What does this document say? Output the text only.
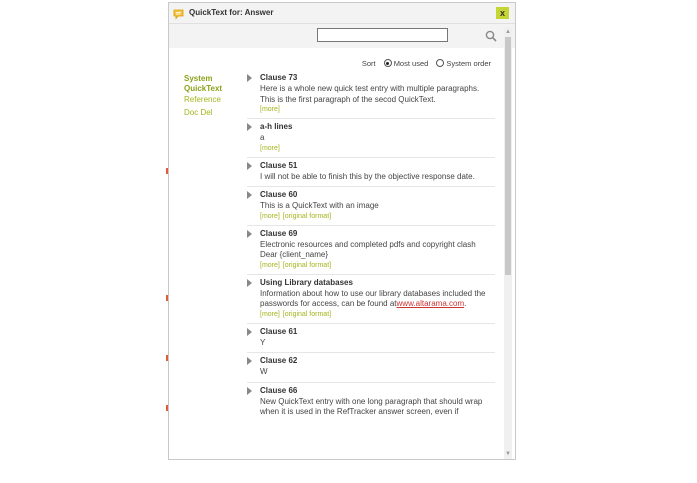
QuickText for: Answer	x
Sort Most used System order
System
QuickText
Reference
Doc Del
Clause 73
Here is a whole new quick test entry with multiple paragraphs. This is the first paragraph of the secod QuickText.
[more]
a-h lines
a
[more]
Clause 51
I will not be able to finish this by the objective response date.
Clause 60
This is a QuickText with an image
[more] [original format]
Clause 69
Electronic resources and completed pdfs and copyright clash Dear {client_name}
[more] [original format]
Using Library databases
Information about how to use our library databases included the passwords for access, can be found atwww.altarama.com.
[more] [original format]
Clause 61
Y
Clause 62
W
Clause 66
New QuickText entry with one long paragraph that should wrap when it is used in the RefTracker answer screen, even if
▲
▼
